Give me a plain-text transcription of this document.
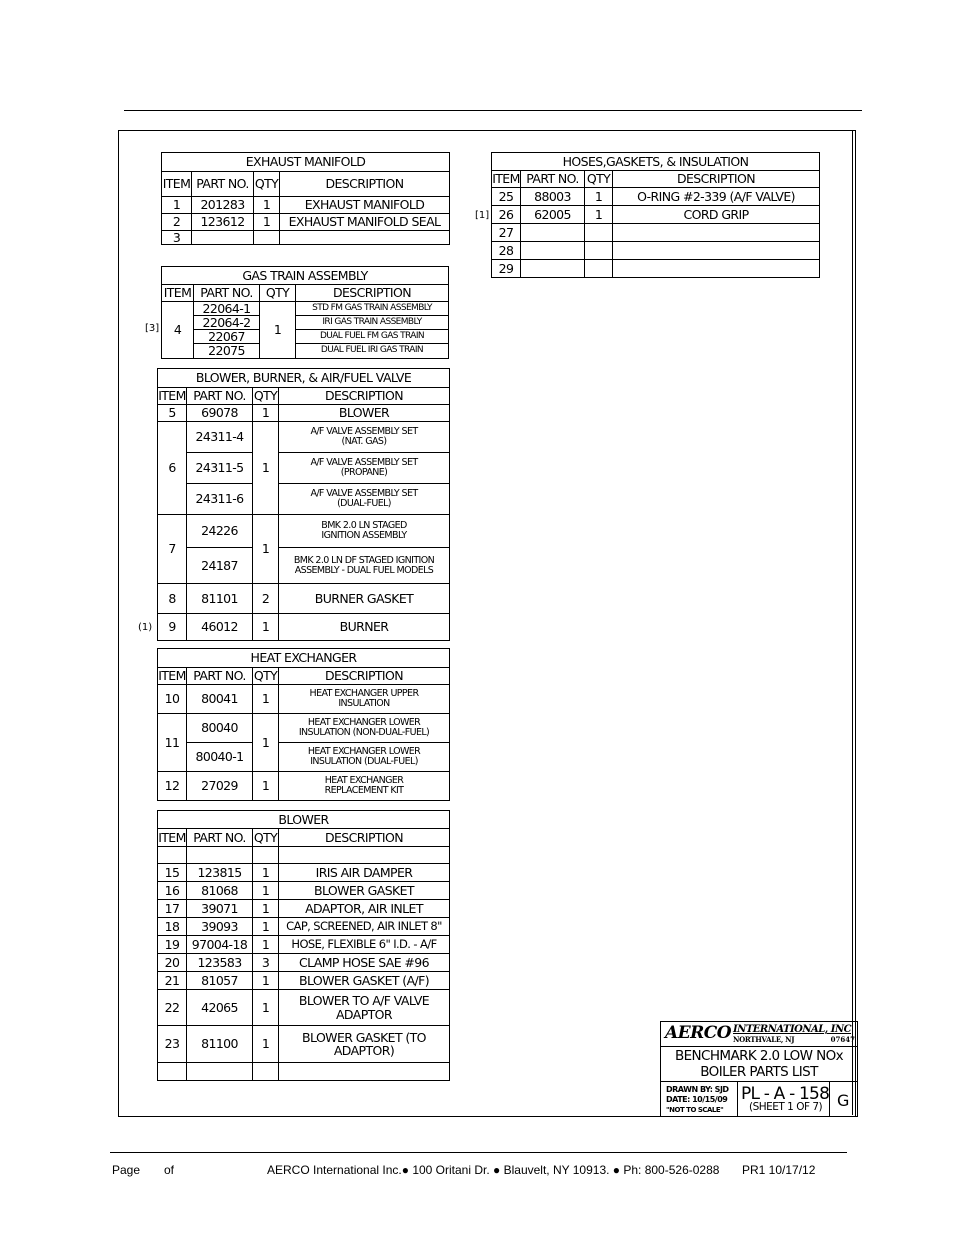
EXHAUST MANIFOLD			
ITEM	PART NO.	QTY	DESCRIPTION
1	201283	1	EXHAUST MANIFOLD
2	123612	1	EXHAUST MANIFOLD SEAL
3			
[3]
GAS TRAIN ASSEMBLY			
ITEM	PART NO.	QTY	DESCRIPTION
4	22064-1	1	STD FM GAS TRAIN ASSEMBLY
	22064-2		IRI GAS TRAIN ASSEMBLY
	22067		DUAL FUEL FM GAS TRAIN
	22075		DUAL FUEL IRI GAS TRAIN
(1)
BLOWER, BURNER, & AIR/FUEL VALVE			
ITEM	PART NO.	QTY	DESCRIPTION
5	69078	1	BLOWER
6	24311-4	1	A/F VALVE ASSEMBLY SET
(NAT. GAS)
	24311-5		A/F VALVE ASSEMBLY SET
(PROPANE)
	24311-6		A/F VALVE ASSEMBLY SET
(DUAL-FUEL)
7	24226	1	BMK 2.0 LN STAGED
IGNITION ASSEMBLY
	24187		BMK 2.0 LN DF STAGED IGNITION
ASSEMBLY - DUAL FUEL MODELS
8	81101	2	BURNER GASKET
9	46012	1	BURNER
HEAT EXCHANGER			
ITEM	PART NO.	QTY	DESCRIPTION
10	80041	1	HEAT EXCHANGER UPPER
INSULATION
11	80040	1	HEAT EXCHANGER LOWER
INSULATION (NON-DUAL-FUEL)
	80040-1		HEAT EXCHANGER LOWER
INSULATION (DUAL-FUEL)
12	27029	1	HEAT EXCHANGER
REPLACEMENT KIT
BLOWER			
ITEM	PART NO.	QTY	DESCRIPTION

15	123815	1	IRIS AIR DAMPER
16	81068	1	BLOWER GASKET
17	39071	1	ADAPTOR, AIR INLET
18	39093	1	CAP, SCREENED, AIR INLET 8"
19	97004-18	1	HOSE, FLEXIBLE 6" I.D. - A/F
20	123583	3	CLAMP HOSE SAE #96
21	81057	1	BLOWER GASKET (A/F)
22	42065	1	BLOWER TO A/F VALVE
ADAPTOR
23	81100	1	BLOWER GASKET (TO
ADAPTOR)

[1]
HOSES,GASKETS, & INSULATION			
ITEM	PART NO.	QTY	DESCRIPTION
25	88003	1	O-RING #2-339 (A/F VALVE)
26	62005	1	CORD GRIP
27			
28			
29			
AERCO INTERNATIONAL, INC
NORTHVALE, NJ	07647
BENCHMARK 2.0 LOW NOx
BOILER PARTS LIST
DRAWN BY: SJD
DATE: 10/15/09
"NOT TO SCALE"
PL - A - 158
(SHEET 1 OF 7) G
Page of	AERCO International Inc.● 100 Oritani Dr. ● Blauvelt, NY 10913. ● Ph: 800-526-0288 PR1 10/17/12
